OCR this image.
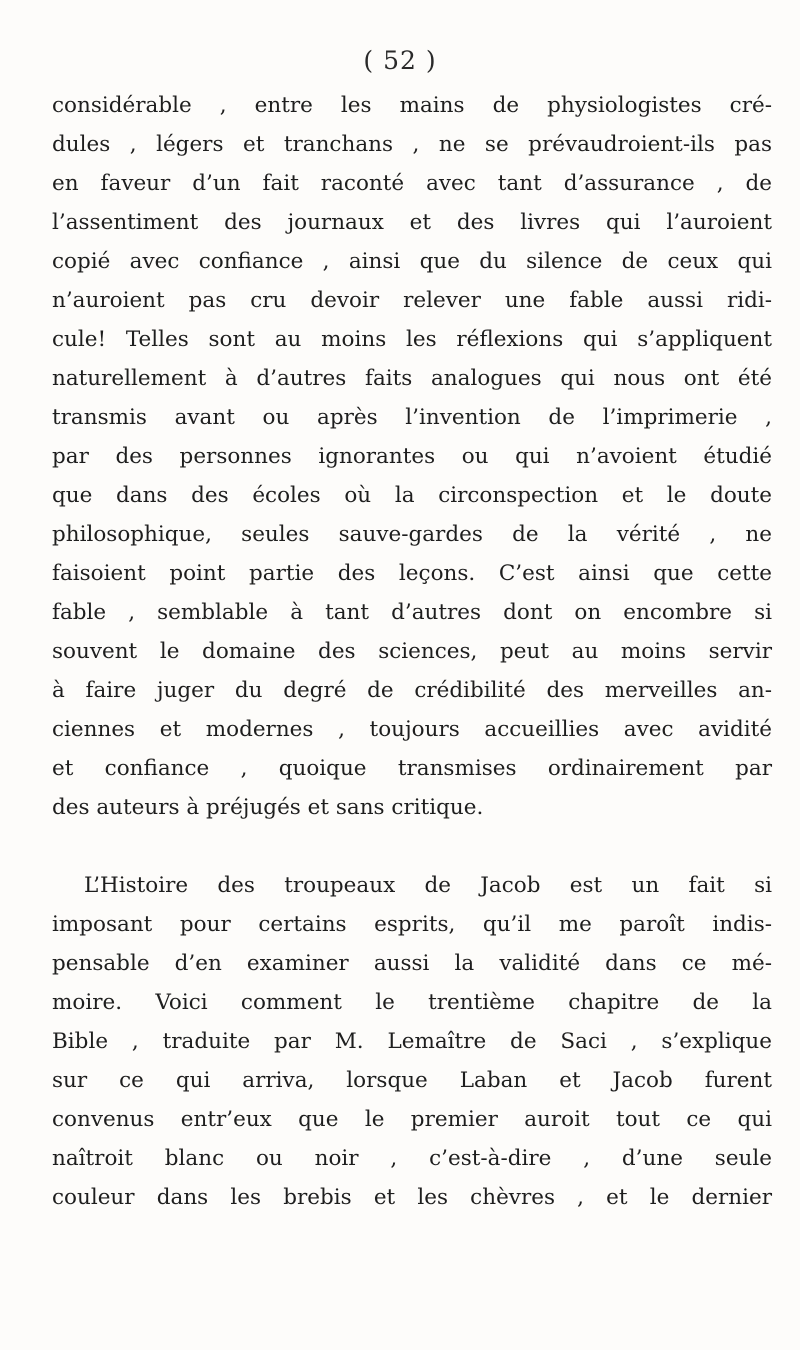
( 52 )
considérable , entre les mains de physiologistes cré-
dules , légers et tranchans , ne se prévaudroient-ils pas
en faveur d’un fait raconté avec tant d’assurance , de
l’assentiment des journaux et des livres qui l’auroient
copié avec confiance , ainsi que du silence de ceux qui
n’auroient pas cru devoir relever une fable aussi ridi-
cule! Telles sont au moins les réflexions qui s’appliquent
naturellement à d’autres faits analogues qui nous ont été
transmis avant ou après l’invention de l’imprimerie ,
par des personnes ignorantes ou qui n’avoient étudié
que dans des écoles où la circonspection et le doute
philosophique, seules sauve-gardes de la vérité , ne
faisoient point partie des leçons. C’est ainsi que cette
fable , semblable à tant d’autres dont on encombre si
souvent le domaine des sciences, peut au moins servir
à faire juger du degré de crédibilité des merveilles an-
ciennes et modernes , toujours accueillies avec avidité
et confiance , quoique transmises ordinairement par
des auteurs à préjugés et sans critique.
L’Histoire des troupeaux de Jacob est un fait si
imposant pour certains esprits, qu’il me paroît indis-
pensable d’en examiner aussi la validité dans ce mé-
moire. Voici comment le trentième chapitre de la
Bible , traduite par M. Lemaître de Saci , s’explique
sur ce qui arriva, lorsque Laban et Jacob furent
convenus entr’eux que le premier auroit tout ce qui
naîtroit blanc ou noir , c’est-à-dire , d’une seule
couleur dans les brebis et les chèvres , et le dernier
